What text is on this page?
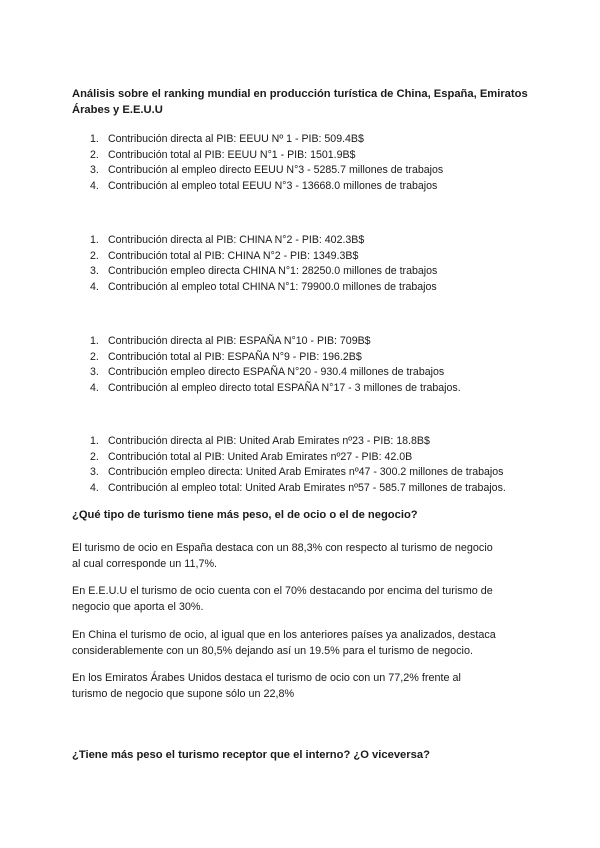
Análisis sobre el ranking mundial en producción turística de China, España, Emiratos
Árabes y E.E.U.U
1. Contribución directa al PIB: EEUU Nº 1 - PIB: 509.4B$
2. Contribución total al PIB: EEUU N°1 - PIB: 1501.9B$
3. Contribución al empleo directo EEUU N°3 - 5285.7 millones de trabajos
4. Contribución al empleo total EEUU N°3 - 13668.0 millones de trabajos
1. Contribución directa al PIB: CHINA N°2 - PIB: 402.3B$
2. Contribución total al PIB: CHINA N°2 - PIB: 1349.3B$
3. Contribución empleo directa CHINA N°1: 28250.0 millones de trabajos
4. Contribución al empleo total CHINA N°1: 79900.0 millones de trabajos
1. Contribución directa al PIB: ESPAÑA N°10 - PIB: 709B$
2. Contribución total al PIB: ESPAÑA N°9 - PIB: 196.2B$
3. Contribución empleo directo ESPAÑA N°20 - 930.4 millones de trabajos
4. Contribución al empleo directo total ESPAÑA N°17 - 3 millones de trabajos.
1. Contribución directa al PIB: United Arab Emirates nº23 - PIB: 18.8B$
2. Contribución total al PIB: United Arab Emirates nº27 - PIB: 42.0B
3. Contribución empleo directa: United Arab Emirates nº47 - 300.2 millones de trabajos
4. Contribución al empleo total: United Arab Emirates nº57 - 585.7 millones de trabajos.
¿Qué tipo de turismo tiene más peso, el de ocio o el de negocio?

El turismo de ocio en España destaca con un 88,3% con respecto al turismo de negocio
al cual corresponde un 11,7%.

En E.E.U.U el turismo de ocio cuenta con el 70% destacando por encima del turismo de
negocio que aporta el 30%.

En China el turismo de ocio, al igual que en los anteriores países ya analizados, destaca
considerablemente con un 80,5% dejando así un 19.5% para el turismo de negocio.

En los Emiratos Árabes Unidos destaca el turismo de ocio con un 77,2% frente al
turismo de negocio que supone sólo un 22,8%

¿Tiene más peso el turismo receptor que el interno? ¿O viceversa?
